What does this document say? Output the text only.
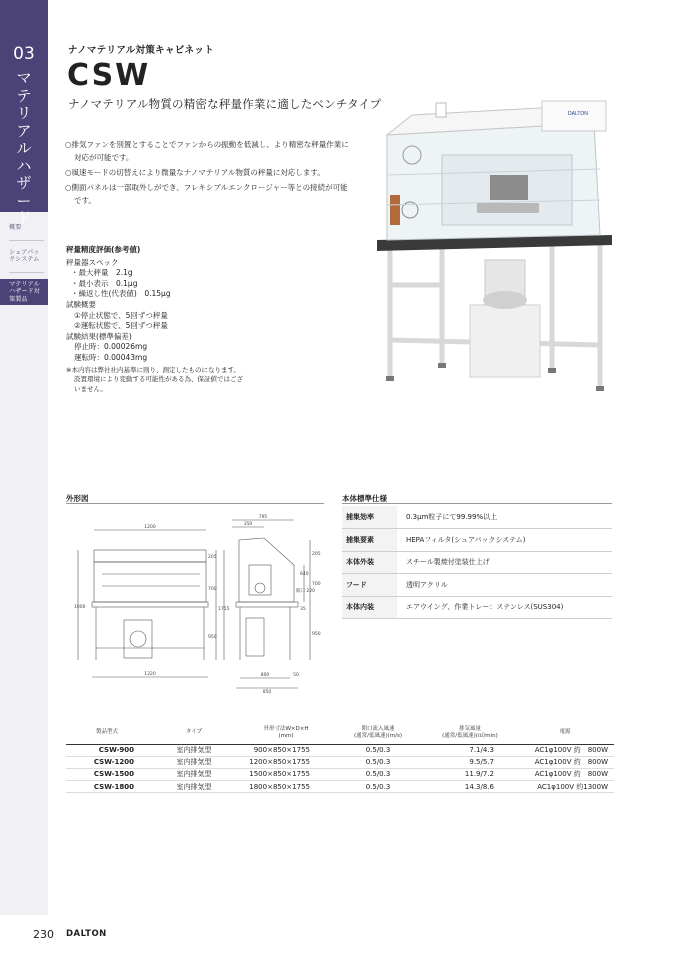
03
マテリアルハザード
概要
シュアパックシステム
マテリアルハザード対策製品
ナノマテリアル対策キャビネット
CSW
ナノマテリアル物質の精密な秤量作業に適したベンチタイプ
○排気ファンを別置とすることでファンからの振動を低減し、より精密な秤量作業に対応が可能です。
○風速モードの切替えにより微量なナノマテリアル物質の秤量に対応します。
○側面パネルは一部取外しができ、フレキシブルエンクロージャー等との接続が可能です。
秤量精度評価(参考値)
秤量器スペック
・最大秤量　2.1g
・最小表示　0.1μg
・繰返し性(代表値)　0.15μg
試験概要
①停止状態で、5回ずつ秤量
②運転状態で、5回ずつ秤量
試験結果(標準偏差)
停止時：0.00026mg
運転時：0.00043mg
※本内容は弊社社内基準に則り、測定したものになります。
設置環境により変動する可能性がある為、保証値ではございません。
DALTON
外形図
1200
1220
795
350
800	50
850
1000
205
700
950
1755
205
700
950
640
35
開口 220
本体標準仕様
捕集効率	0.3μm粒子にて99.99%以上
捕集要素	HEPAフィルタ(シュアパックシステム)
本体外装	スチール製焼付塗装仕上げ
フード	透明アクリル
本体内装	エアウイング、作業トレー：ステンレス(SUS304)
製品型式	タイプ	外形寸法W×D×H
(mm)	開口流入風速
(通常/低風速)(m/s)	排気風量
(通常/低風速)(㎥/min)	電源
CSW-900	室内排気型	900×850×1755	0.5/0.3	7.1/4.3	AC1φ100V 約　800W
CSW-1200	室内排気型	1200×850×1755	0.5/0.3	9.5/5.7	AC1φ100V 約　800W
CSW-1500	室内排気型	1500×850×1755	0.5/0.3	11.9/7.2	AC1φ100V 約　800W
CSW-1800	室内排気型	1800×850×1755	0.5/0.3	14.3/8.6	AC1φ100V 約1300W
230 DALTON
